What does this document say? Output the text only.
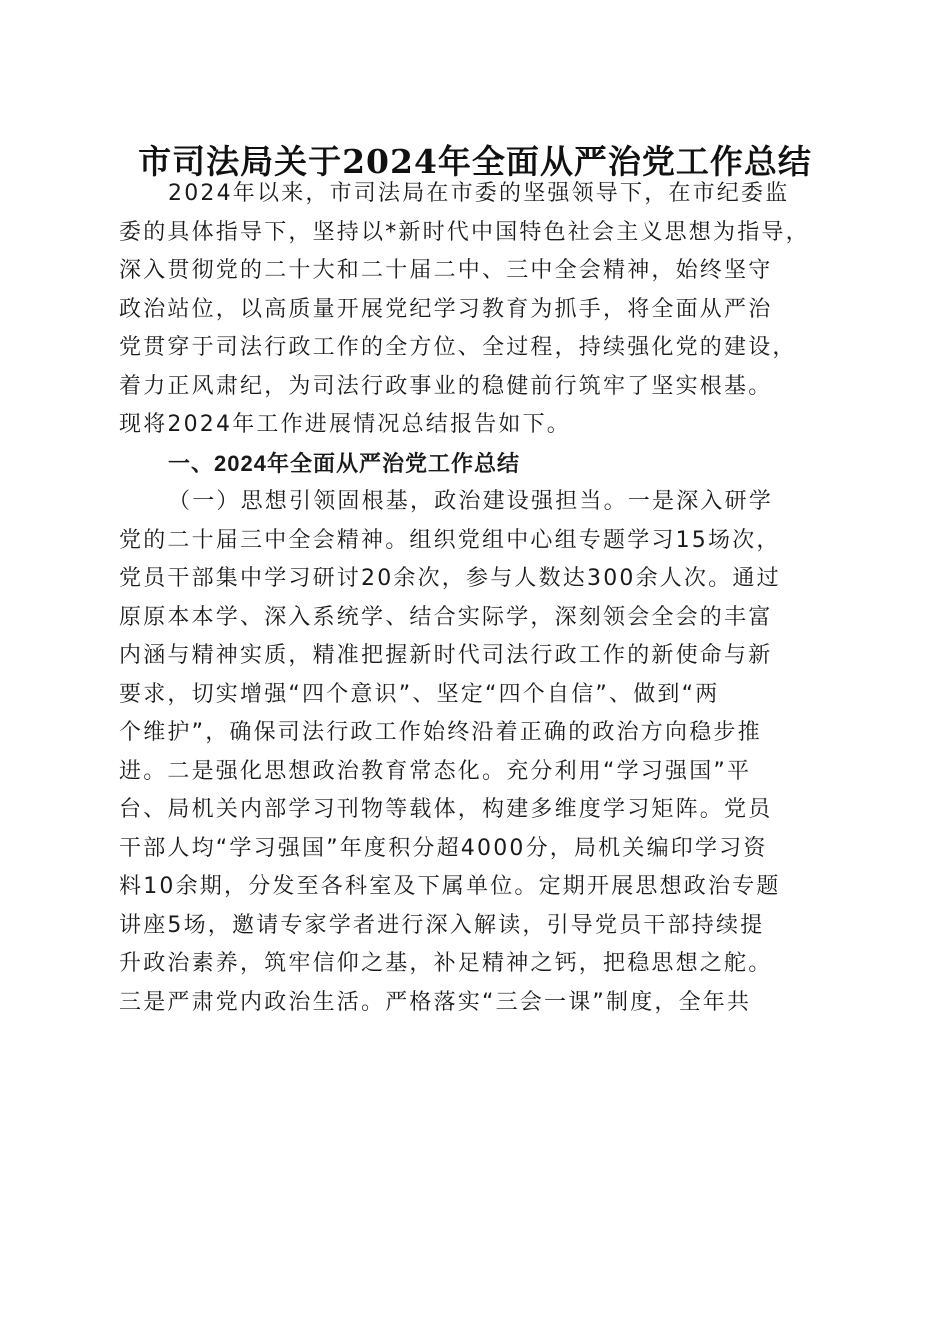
市司法局关于2024年全面从严治党工作总结
2024年以来，市司法局在市委的坚强领导下，在市纪委监
委的具体指导下，坚持以*新时代中国特色社会主义思想为指导，
深入贯彻党的二十大和二十届二中、三中全会精神，始终坚守
政治站位，以高质量开展党纪学习教育为抓手，将全面从严治
党贯穿于司法行政工作的全方位、全过程，持续强化党的建设，
着力正风肃纪，为司法行政事业的稳健前行筑牢了坚实根基。
现将2024年工作进展情况总结报告如下。
一、2024年全面从严治党工作总结
（一）思想引领固根基，政治建设强担当。一是深入研学
党的二十届三中全会精神。组织党组中心组专题学习15场次，
党员干部集中学习研讨20余次，参与人数达300余人次。通过
原原本本学、深入系统学、结合实际学，深刻领会全会的丰富
内涵与精神实质，精准把握新时代司法行政工作的新使命与新
要求，切实增强“四个意识”、坚定“四个自信”、做到“两
个维护”，确保司法行政工作始终沿着正确的政治方向稳步推
进。二是强化思想政治教育常态化。充分利用“学习强国”平
台、局机关内部学习刊物等载体，构建多维度学习矩阵。党员
干部人均“学习强国”年度积分超4000分，局机关编印学习资
料10余期，分发至各科室及下属单位。定期开展思想政治专题
讲座5场，邀请专家学者进行深入解读，引导党员干部持续提
升政治素养，筑牢信仰之基，补足精神之钙，把稳思想之舵。
三是严肃党内政治生活。严格落实“三会一课”制度，全年共
